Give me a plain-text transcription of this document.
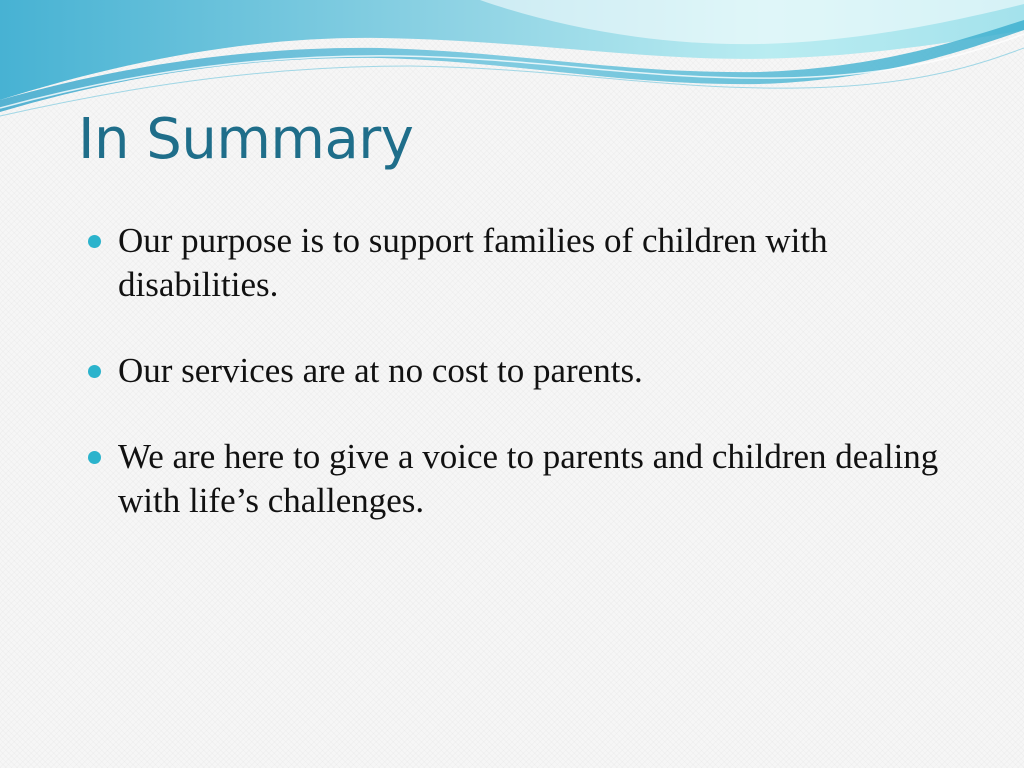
In Summary
Our purpose is to support families of children with disabilities.
Our services are at no cost to parents.
We are here to give a voice to parents and children dealing with life’s challenges.
